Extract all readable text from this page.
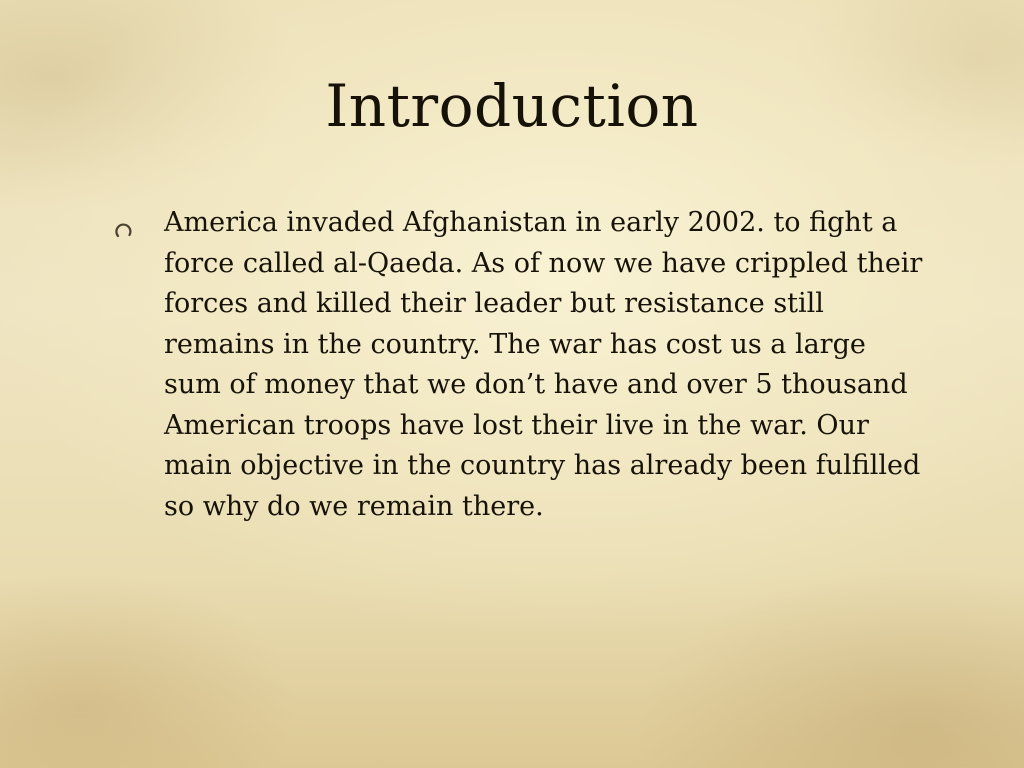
Introduction

America invaded Afghanistan in early 2002. to fight a force called al-Qaeda. As of now we have crippled their forces and killed their leader but resistance still remains in the country. The war has cost us a large sum of money that we don’t have and over 5 thousand American troops have lost their live in the war. Our main objective in the country has already been fulfilled so why do we remain there.
